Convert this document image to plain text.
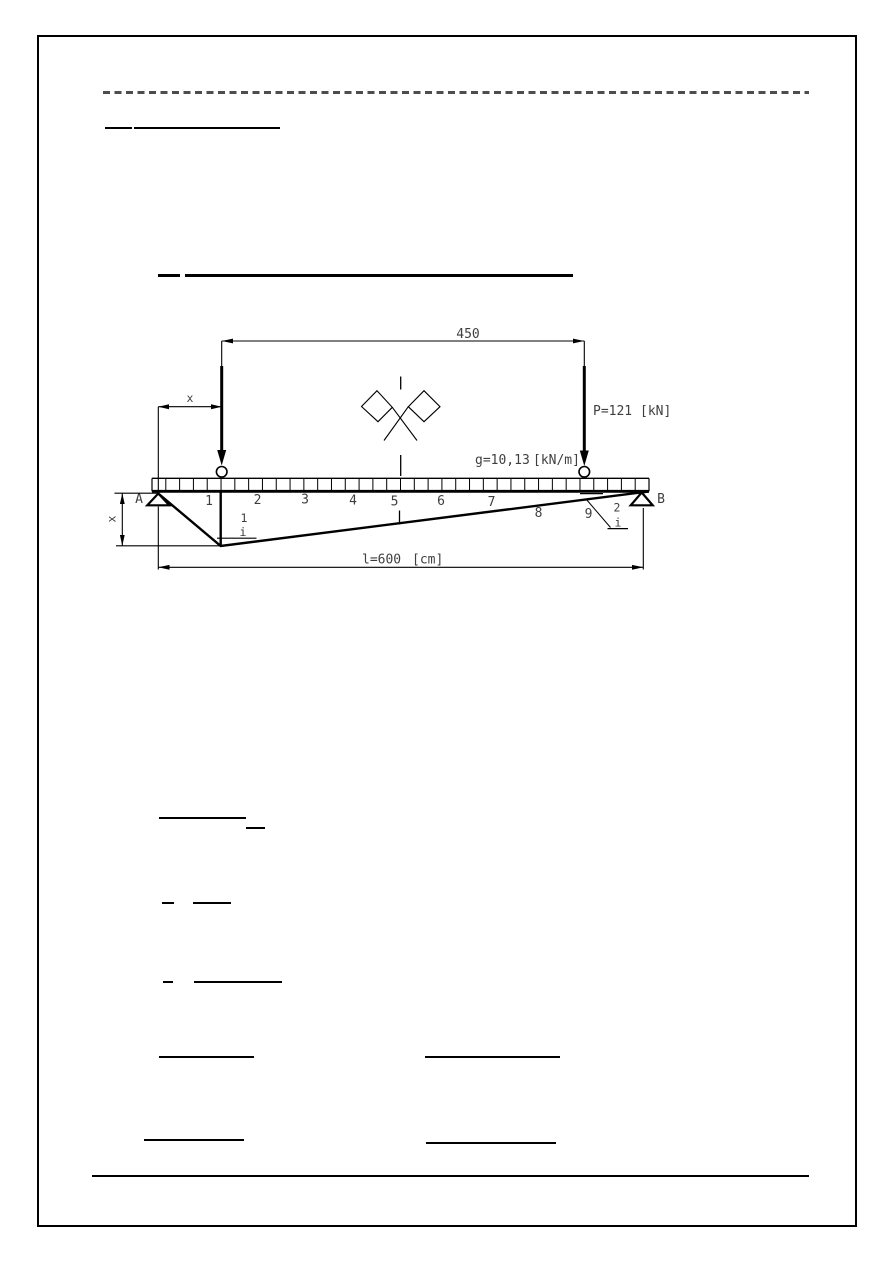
450
P=121 [kN]
g=10,13 [kN/m]
x
A	B
x	1
i
2
i
1	2	3	4	5	6	7
8	9
l=600 [cm]
